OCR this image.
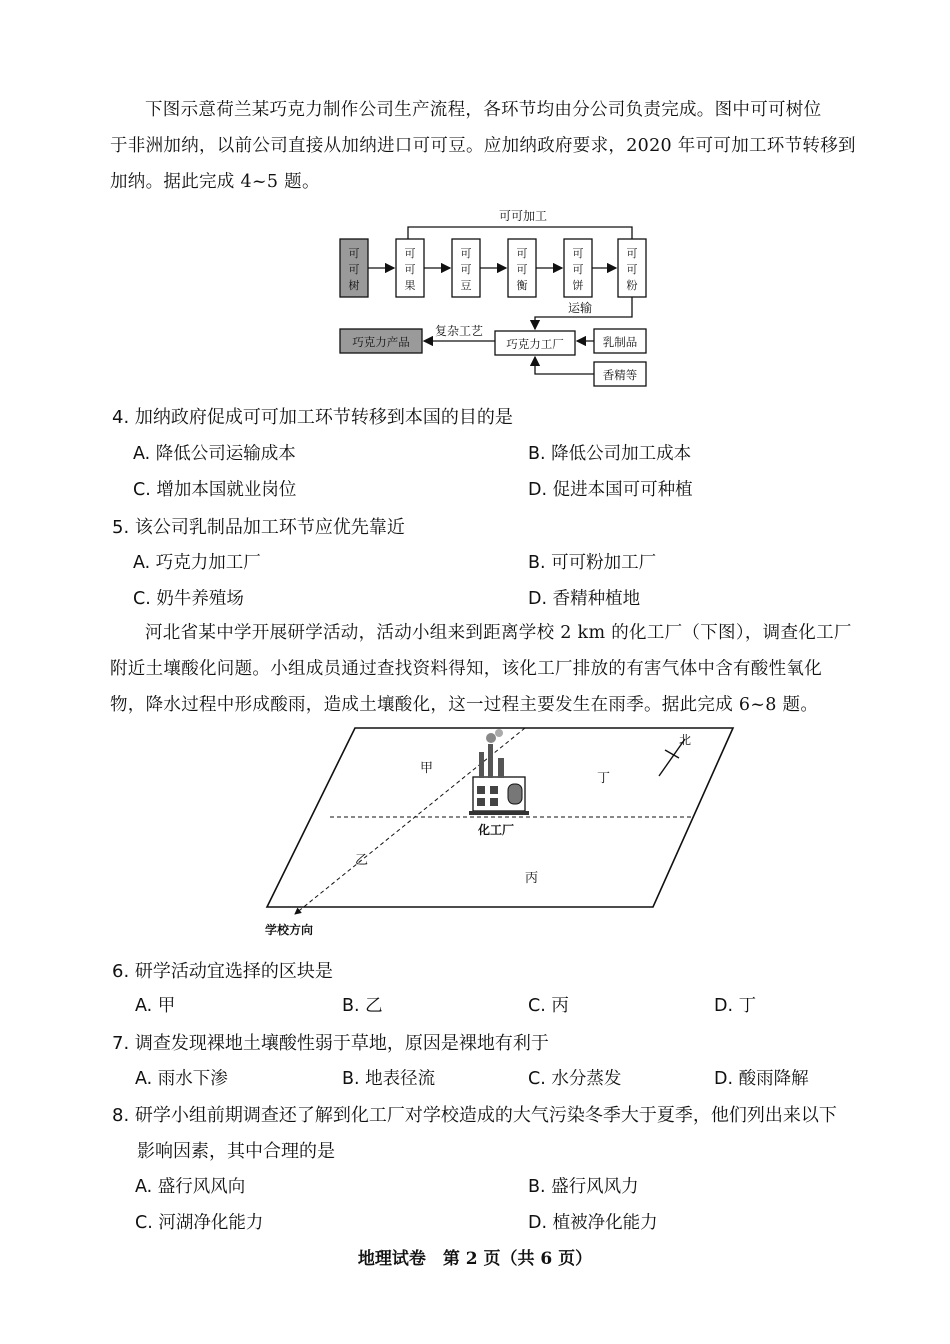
下图示意荷兰某巧克力制作公司生产流程，各环节均由分公司负责完成。图中可可树位

于非洲加纳，以前公司直接从加纳进口可可豆。应加纳政府要求，2020 年可可加工环节转移到

加纳。据此完成 4~5 题。

可可加工
可
可
树
可
可
果
可
可
豆
可
可
衡
可
可
饼
可
可
粉
运输
巧克力工厂
巧克力产品
复杂工艺
乳制品
香精等
4. 加纳政府促成可可加工环节转移到本国的目的是
A. 降低公司运输成本	B. 降低公司加工成本
C. 增加本国就业岗位	D. 促进本国可可种植
5. 该公司乳制品加工环节应优先靠近
A. 巧克力加工厂	B. 可可粉加工厂
C. 奶牛养殖场	D. 香精种植地

河北省某中学开展研学活动，活动小组来到距离学校 2 km 的化工厂（下图），调查化工厂

附近土壤酸化问题。小组成员通过查找资料得知，该化工厂排放的有害气体中含有酸性氧化

物，降水过程中形成酸雨，造成土壤酸化，这一过程主要发生在雨季。据此完成 6~8 题。

化工厂
甲
丁
乙
丙
北
学校方向
6. 研学活动宜选择的区块是
A. 甲	B. 乙	C. 丙	D. 丁
7. 调查发现裸地土壤酸性弱于草地，原因是裸地有利于
A. 雨水下渗	B. 地表径流	C. 水分蒸发	D. 酸雨降解
8. 研学小组前期调查还了解到化工厂对学校造成的大气污染冬季大于夏季，他们列出来以下
影响因素，其中合理的是
A. 盛行风风向	B. 盛行风风力
C. 河湖净化能力	D. 植被净化能力
地理试卷　第 2 页（共 6 页）
